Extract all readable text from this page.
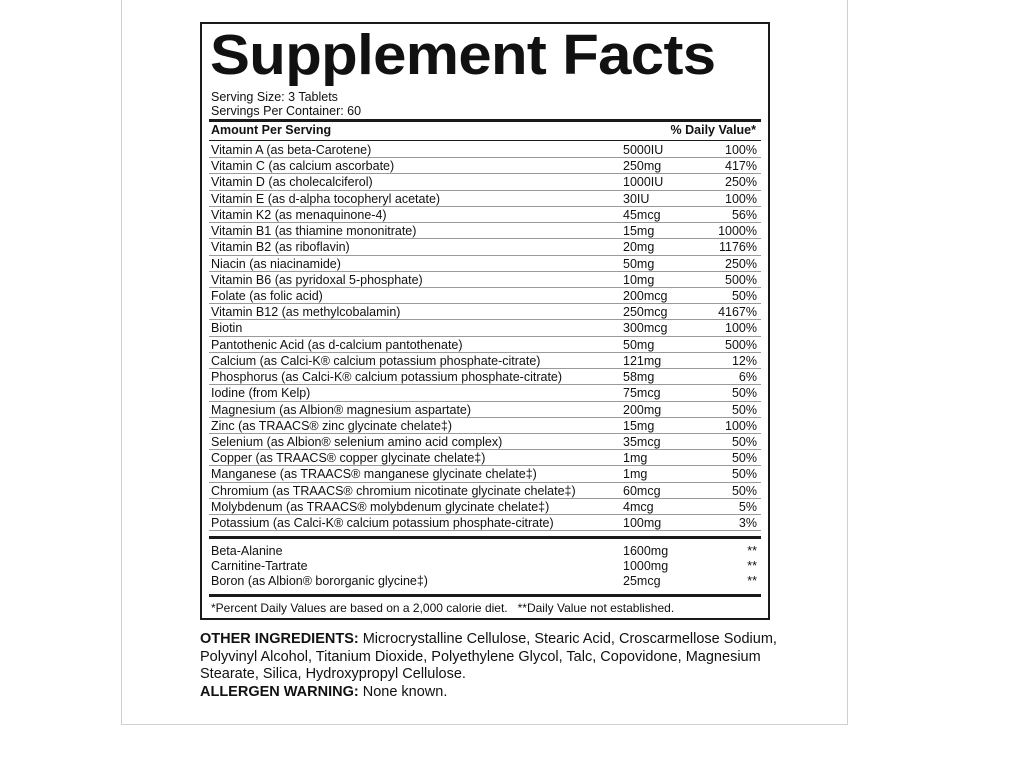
Supplement Facts
Serving Size: 3 Tablets
Servings Per Container: 60
Amount Per Serving	% Daily Value*
Vitamin A (as beta-Carotene)	5000IU	100%
Vitamin C (as calcium ascorbate)	250mg	417%
Vitamin D (as cholecalciferol)	1000IU	250%
Vitamin E (as d-alpha tocopheryl acetate)	30IU	100%
Vitamin K2 (as menaquinone-4)	45mcg	56%
Vitamin B1 (as thiamine mononitrate)	15mg	1000%
Vitamin B2 (as riboflavin)	20mg	1176%
Niacin (as niacinamide)	50mg	250%
Vitamin B6 (as pyridoxal 5-phosphate)	10mg	500%
Folate (as folic acid)	200mcg	50%
Vitamin B12 (as methylcobalamin)	250mcg	4167%
Biotin	300mcg	100%
Pantothenic Acid (as d-calcium pantothenate)	50mg	500%
Calcium (as Calci-K® calcium potassium phosphate-citrate)	121mg	12%
Phosphorus (as Calci-K® calcium potassium phosphate-citrate)	58mg	6%
Iodine (from Kelp)	75mcg	50%
Magnesium (as Albion® magnesium aspartate)	200mg	50%
Zinc (as TRAACS® zinc glycinate chelate‡)	15mg	100%
Selenium (as Albion® selenium amino acid complex)	35mcg	50%
Copper (as TRAACS® copper glycinate chelate‡)	1mg	50%
Manganese (as TRAACS® manganese glycinate chelate‡)	1mg	50%
Chromium (as TRAACS® chromium nicotinate glycinate chelate‡)	60mcg	50%
Molybdenum (as TRAACS® molybdenum glycinate chelate‡)	4mcg	5%
Potassium (as Calci-K® calcium potassium phosphate-citrate)	100mg	3%
Beta-Alanine	1600mg	**
Carnitine-Tartrate	1000mg	**
Boron (as Albion® bororganic glycine‡)	25mcg	**
*Percent Daily Values are based on a 2,000 calorie diet.   **Daily Value not established.
OTHER INGREDIENTS: Microcrystalline Cellulose, Stearic Acid, Croscarmellose Sodium, Polyvinyl Alcohol, Titanium Dioxide, Polyethylene Glycol, Talc, Copovidone, Magnesium Stearate, Silica, Hydroxypropyl Cellulose.
ALLERGEN WARNING: None known.
